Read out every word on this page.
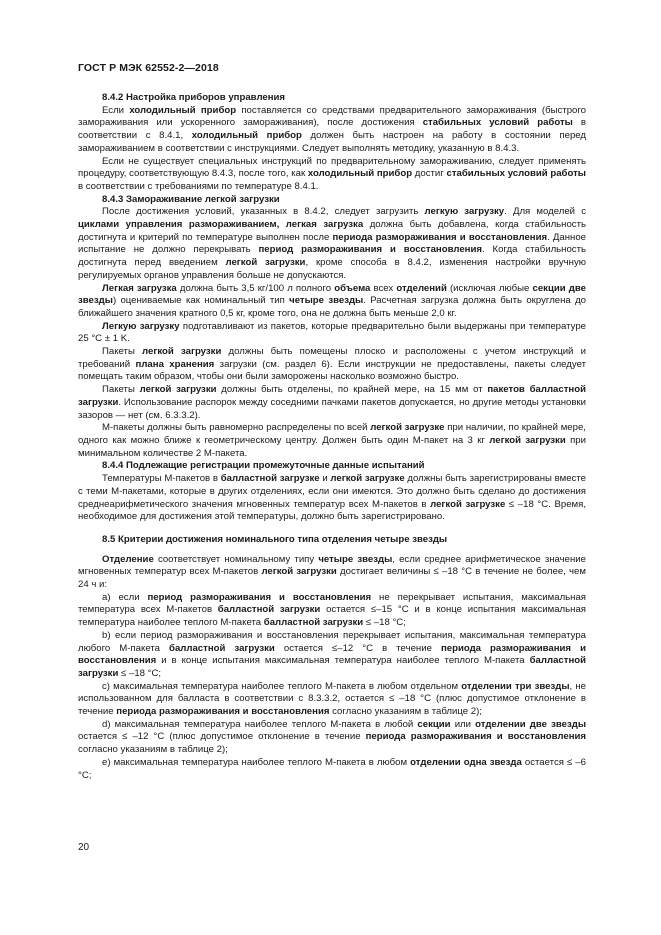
ГОСТ Р МЭК 62552-2—2018

8.4.2 Настройка приборов управления

Если холодильный прибор поставляется со средствами предварительного замораживания (быстрого замораживания или ускоренного замораживания), после достижения стабильных условий работы в соответствии с 8.4.1, холодильный прибор должен быть настроен на работу в состоянии перед замораживанием в соответствии с инструкциями. Следует выполнять методику, указанную в 8.4.3.

Если не существует специальных инструкций по предварительному замораживанию, следует применять процедуру, соответствующую 8.4.3, после того, как холодильный прибор достиг стабильных условий работы в соответствии с требованиями по температуре 8.4.1.

8.4.3 Замораживание легкой загрузки

После достижения условий, указанных в 8.4.2, следует загрузить легкую загрузку. Для моделей с циклами управления размораживанием, легкая загрузка должна быть добавлена, когда стабильность достигнута и критерий по температуре выполнен после периода размораживания и восстановления. Данное испытание не должно перекрывать период размораживания и восстановления. Когда стабильность достигнута перед введением легкой загрузки, кроме способа в 8.4.2, изменения настройки вручную регулируемых органов управления больше не допускаются.

Легкая загрузка должна быть 3,5 кг/100 л полного объема всех отделений (исключая любые секции две звезды) оцениваемые как номинальный тип четыре звезды. Расчетная загрузка должна быть округлена до ближайшего значения кратного 0,5 кг, кроме того, она не должна быть меньше 2,0 кг.

Легкую загрузку подготавливают из пакетов, которые предварительно были выдержаны при температуре 25 °С ± 1 K.

Пакеты легкой загрузки должны быть помещены плоско и расположены с учетом инструкций и требований плана хранения загрузки (см. раздел 6). Если инструкции не предоставлены, пакеты следует помещать таким образом, чтобы они были заморожены насколько возможно быстро.

Пакеты легкой загрузки должны быть отделены, по крайней мере, на 15 мм от пакетов балластной загрузки. Использование распорок между соседними пачками пакетов допускается, но другие методы установки зазоров — нет (см. 6.3.3.2).

М-пакеты должны быть равномерно распределены по всей легкой загрузке при наличии, по крайней мере, одного как можно ближе к геометрическому центру. Должен быть один М-пакет на 3 кг легкой загрузки при минимальном количестве 2 М-пакета.

8.4.4 Подлежащие регистрации промежуточные данные испытаний

Температуры М-пакетов в балластной загрузке и легкой загрузке должны быть зарегистрированы вместе с теми М-пакетами, которые в других отделениях, если они имеются. Это должно быть сделано до достижения среднеарифметического значения мгновенных температур всех М-пакетов в легкой загрузке ≤ –18 °С. Время, необходимое для достижения этой температуры, должно быть зарегистрировано.

8.5 Критерии достижения номинального типа отделения четыре звезды

Отделение соответствует номинальному типу четыре звезды, если среднее арифметическое значение мгновенных температур всех М-пакетов легкой загрузки достигает величины ≤ –18 °С в течение не более, чем 24 ч и:

а) если период размораживания и восстановления не перекрывает испытания, максимальная температура всех М-пакетов балластной загрузки остается ≤–15 °С и в конце испытания максимальная температура наиболее теплого М-пакета балластной загрузки ≤ –18 °С;

b) если период размораживания и восстановления перекрывает испытания, максимальная температура любого М-пакета балластной загрузки остается ≤–12 °С в течение периода размораживания и восстановления и в конце испытания максимальная температура наиболее теплого М-пакета балластной загрузки ≤ –18 °С;

с) максимальная температура наиболее теплого М-пакета в любом отдельном отделении три звезды, не использованном для балласта в соответствии с 8.3.3.2, остается ≤ –18 °С (плюс допустимое отклонение в течение периода размораживания и восстановления согласно указаниям в таблице 2);

d) максимальная температура наиболее теплого М-пакета в любой секции или отделении две звезды остается ≤ –12 °С (плюс допустимое отклонение в течение периода размораживания и восстановления согласно указаниям в таблице 2);

е) максимальная температура наиболее теплого М-пакета в любом отделении одна звезда остается ≤ –6 °С;

20
